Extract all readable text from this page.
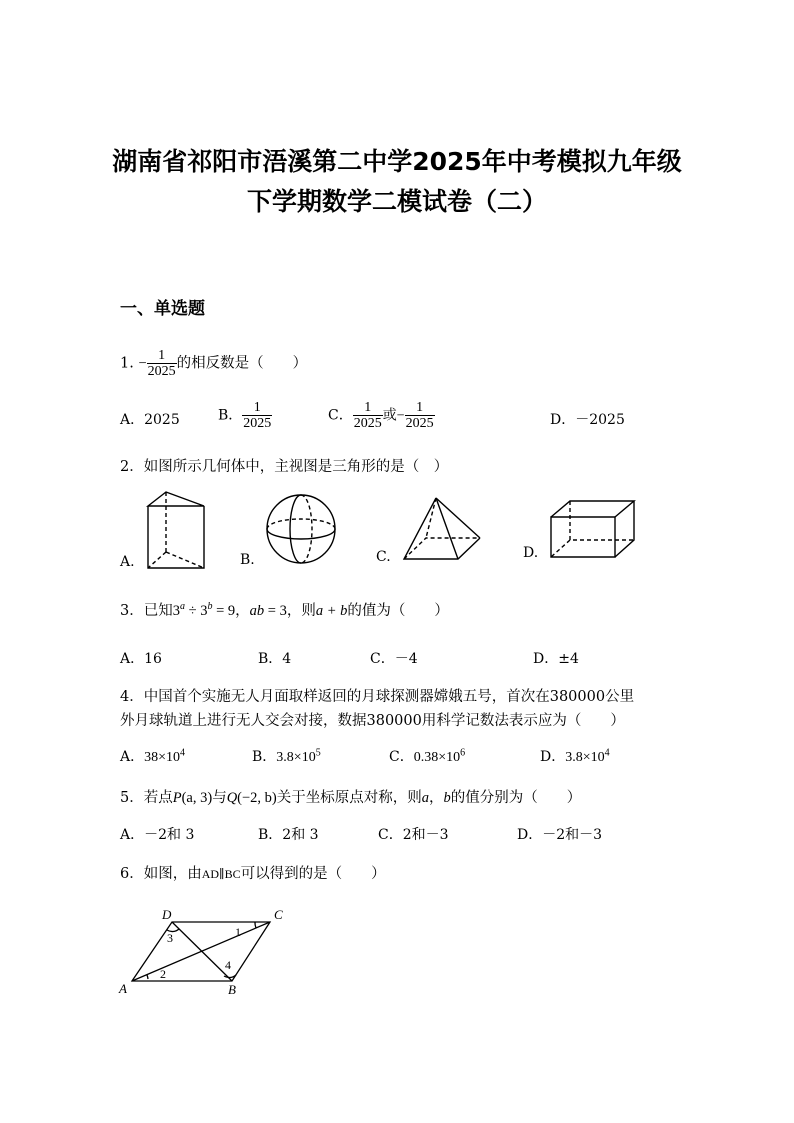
湖南省祁阳市浯溪第二中学2025年中考模拟九年级
下学期数学二模试卷（二）
一、单选题
1. − $\frac{1}{2025}$ 的相反数是（　　）
A．2025	B． $\frac{1}{2025}$	C． $\frac{1}{2025}$ 或− $\frac{1}{2025}$	D．－2025
2．如图所示几何体中，主视图是三角形的是（　）
A.	B.	C.	D.
3．已知$3^a \div 3^b = 9$，ab = 3，则a + b的值为（　　）
A．16	B．4	C．－4	D．±4
4．中国首个实施无人月面取样返回的月球探测器嫦娥五号，首次在380000公里
外月球轨道上进行无人交会对接，数据380000用科学记数法表示应为（　　）
A．$38\times 10^4$	B．$3.8\times 10^5$	C．$0.38\times 10^6$	D．$3.8\times 10^4$
5．若点P(a, 3)与Q(−2, b)关于坐标原点对称，则a，b的值分别为（　　）
A．－2和 3	B．2和 3	C．2和－3	D．－2和－3
6．如图，由AD∥BC可以得到的是（　　）
D	C
A	B
1
2
3
4
